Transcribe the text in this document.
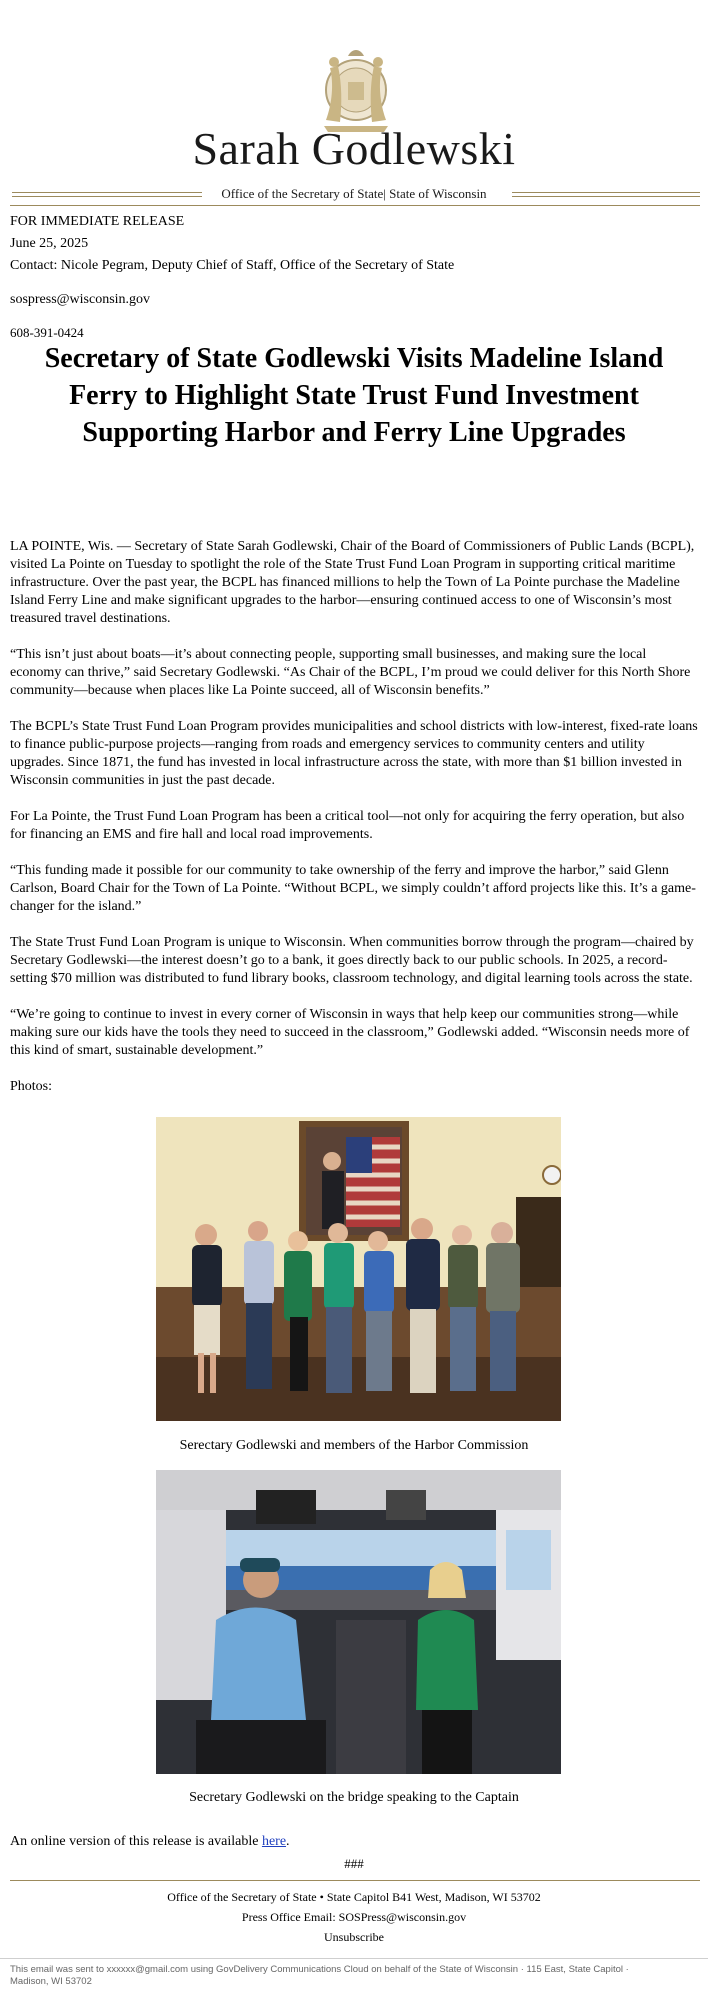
Sarah Godlewski
Office of the Secretary of State| State of Wisconsin
FOR IMMEDIATE RELEASE
June 25, 2025
Contact: Nicole Pegram, Deputy Chief of Staff, Office of the Secretary of State
sospress@wisconsin.gov
608-391-0424
Secretary of State Godlewski Visits Madeline Island Ferry to Highlight State Trust Fund Investment Supporting Harbor and Ferry Line Upgrades

LA POINTE, Wis. — Secretary of State Sarah Godlewski, Chair of the Board of Commissioners of Public Lands (BCPL), visited La Pointe on Tuesday to spotlight the role of the State Trust Fund Loan Program in supporting critical maritime infrastructure. Over the past year, the BCPL has financed millions to help the Town of La Pointe purchase the Madeline Island Ferry Line and make significant upgrades to the harbor—ensuring continued access to one of Wisconsin’s most treasured travel destinations.

“This isn’t just about boats—it’s about connecting people, supporting small businesses, and making sure the local economy can thrive,” said Secretary Godlewski. “As Chair of the BCPL, I’m proud we could deliver for this North Shore community—because when places like La Pointe succeed, all of Wisconsin benefits.”

The BCPL’s State Trust Fund Loan Program provides municipalities and school districts with low-interest, fixed-rate loans to finance public-purpose projects—ranging from roads and emergency services to community centers and utility upgrades. Since 1871, the fund has invested in local infrastructure across the state, with more than $1 billion invested in Wisconsin communities in just the past decade.

For La Pointe, the Trust Fund Loan Program has been a critical tool—not only for acquiring the ferry operation, but also for financing an EMS and fire hall and local road improvements.

“This funding made it possible for our community to take ownership of the ferry and improve the harbor,” said Glenn Carlson, Board Chair for the Town of La Pointe. “Without BCPL, we simply couldn’t afford projects like this. It’s a game-changer for the island.”

The State Trust Fund Loan Program is unique to Wisconsin. When communities borrow through the program—chaired by Secretary Godlewski—the interest doesn’t go to a bank, it goes directly back to our public schools. In 2025, a record-setting $70 million was distributed to fund library books, classroom technology, and digital learning tools across the state.

“We’re going to continue to invest in every corner of Wisconsin in ways that help keep our communities strong—while making sure our kids have the tools they need to succeed in the classroom,” Godlewski added. “Wisconsin needs more of this kind of smart, sustainable development.”

Photos:

Serectary Godlewski and members of the Harbor Commission
Secretary Godlewski on the bridge speaking to the Captain
An online version of this release is available here.
###
Office of the Secretary of State • State Capitol B41 West, Madison, WI 53702
Press Office Email: SOSPress@wisconsin.gov
Unsubscribe
This email was sent to xxxxxx@gmail.com using GovDelivery Communications Cloud on behalf of the State of Wisconsin · 115 East, State Capitol · Madison, WI 53702
